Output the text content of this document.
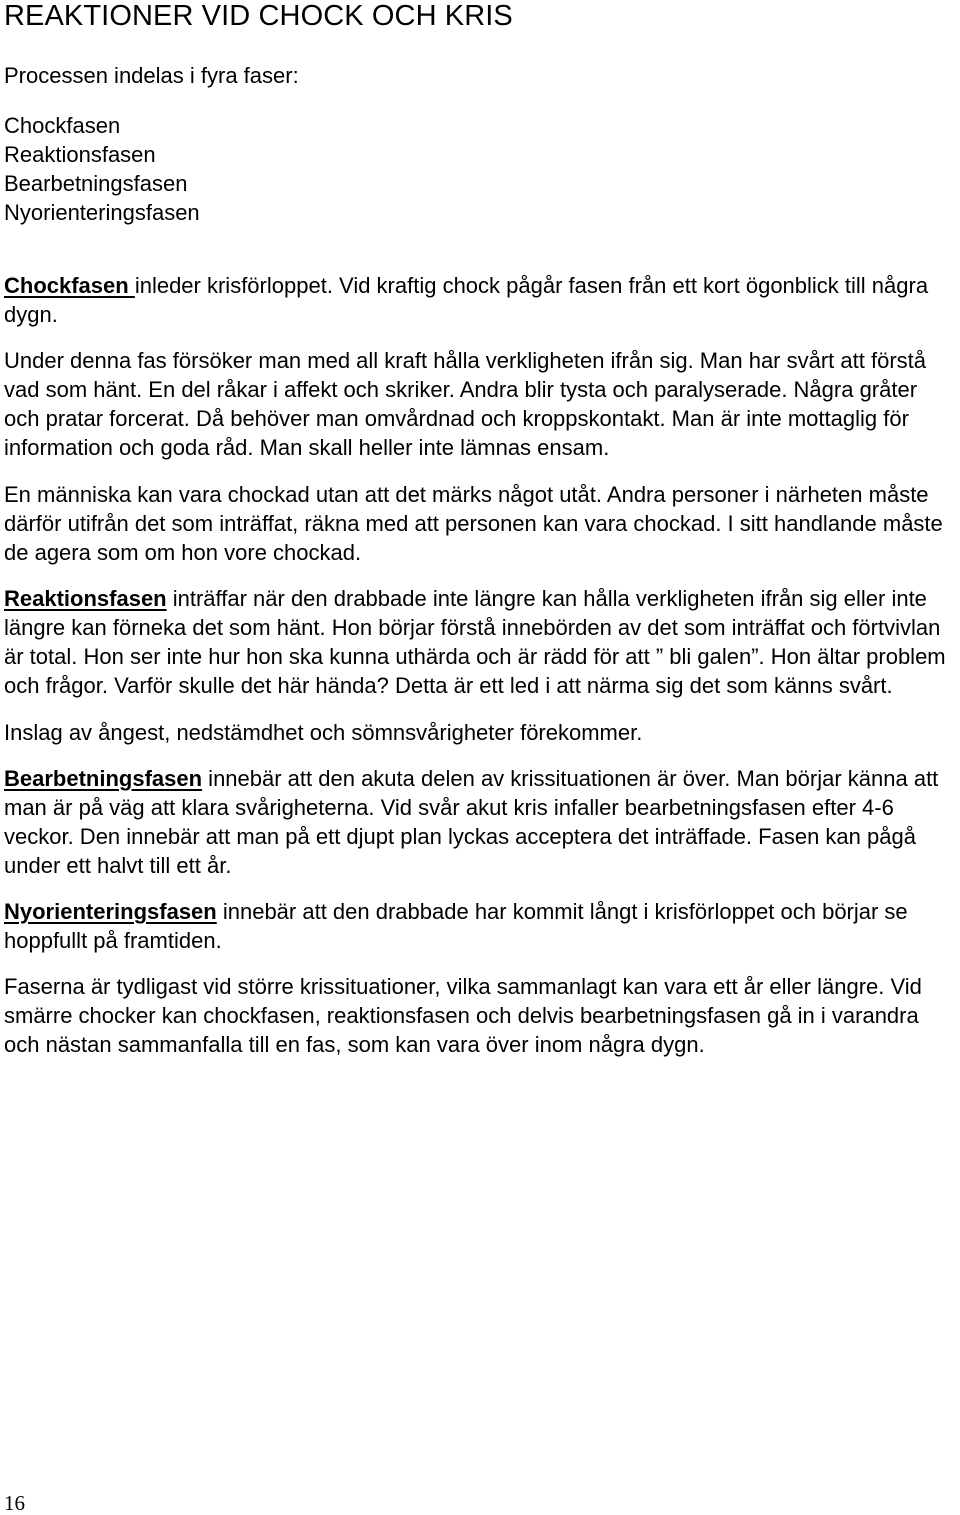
REAKTIONER VID CHOCK OCH KRIS

Processen indelas i fyra faser:

Chockfasen
Reaktionsfasen
Bearbetningsfasen
Nyorienteringsfasen

Chockfasen inleder krisförloppet. Vid kraftig chock pågår fasen från ett kort ögonblick till några dygn.

Under denna fas försöker man med all kraft hålla verkligheten ifrån sig. Man har svårt att förstå vad som hänt. En del råkar i affekt och skriker. Andra blir tysta och paralyserade. Några gråter och pratar forcerat. Då behöver man omvårdnad och kroppskontakt. Man är inte mottaglig för information och goda råd. Man skall heller inte lämnas ensam.

En människa kan vara chockad utan att det märks något utåt. Andra personer i närheten måste därför utifrån det som inträffat, räkna med att personen kan vara chockad. I sitt handlande måste de agera som om hon vore chockad.

Reaktionsfasen inträffar när den drabbade inte längre kan hålla verkligheten ifrån sig eller inte längre kan förneka det som hänt. Hon börjar förstå innebörden av det som inträffat och förtvivlan är total. Hon ser inte hur hon ska kunna uthärda och är rädd för att ” bli galen”. Hon ältar problem och frågor. Varför skulle det här hända? Detta är ett led i att närma sig det som känns svårt.

Inslag av ångest, nedstämdhet och sömnsvårigheter förekommer.

Bearbetningsfasen innebär att den akuta delen av krissituationen är över. Man börjar känna att man är på väg att klara svårigheterna. Vid svår akut kris infaller bearbetningsfasen efter 4-6 veckor. Den innebär att man på ett djupt plan lyckas acceptera det inträffade. Fasen kan pågå under ett halvt till ett år.

Nyorienteringsfasen innebär att den drabbade har kommit långt i krisförloppet och börjar se hoppfullt på framtiden.

Faserna är tydligast vid större krissituationer, vilka sammanlagt kan vara ett år eller längre. Vid smärre chocker kan chockfasen, reaktionsfasen och delvis bearbetningsfasen gå in i varandra och nästan sammanfalla till en fas, som kan vara över inom några dygn.

16
